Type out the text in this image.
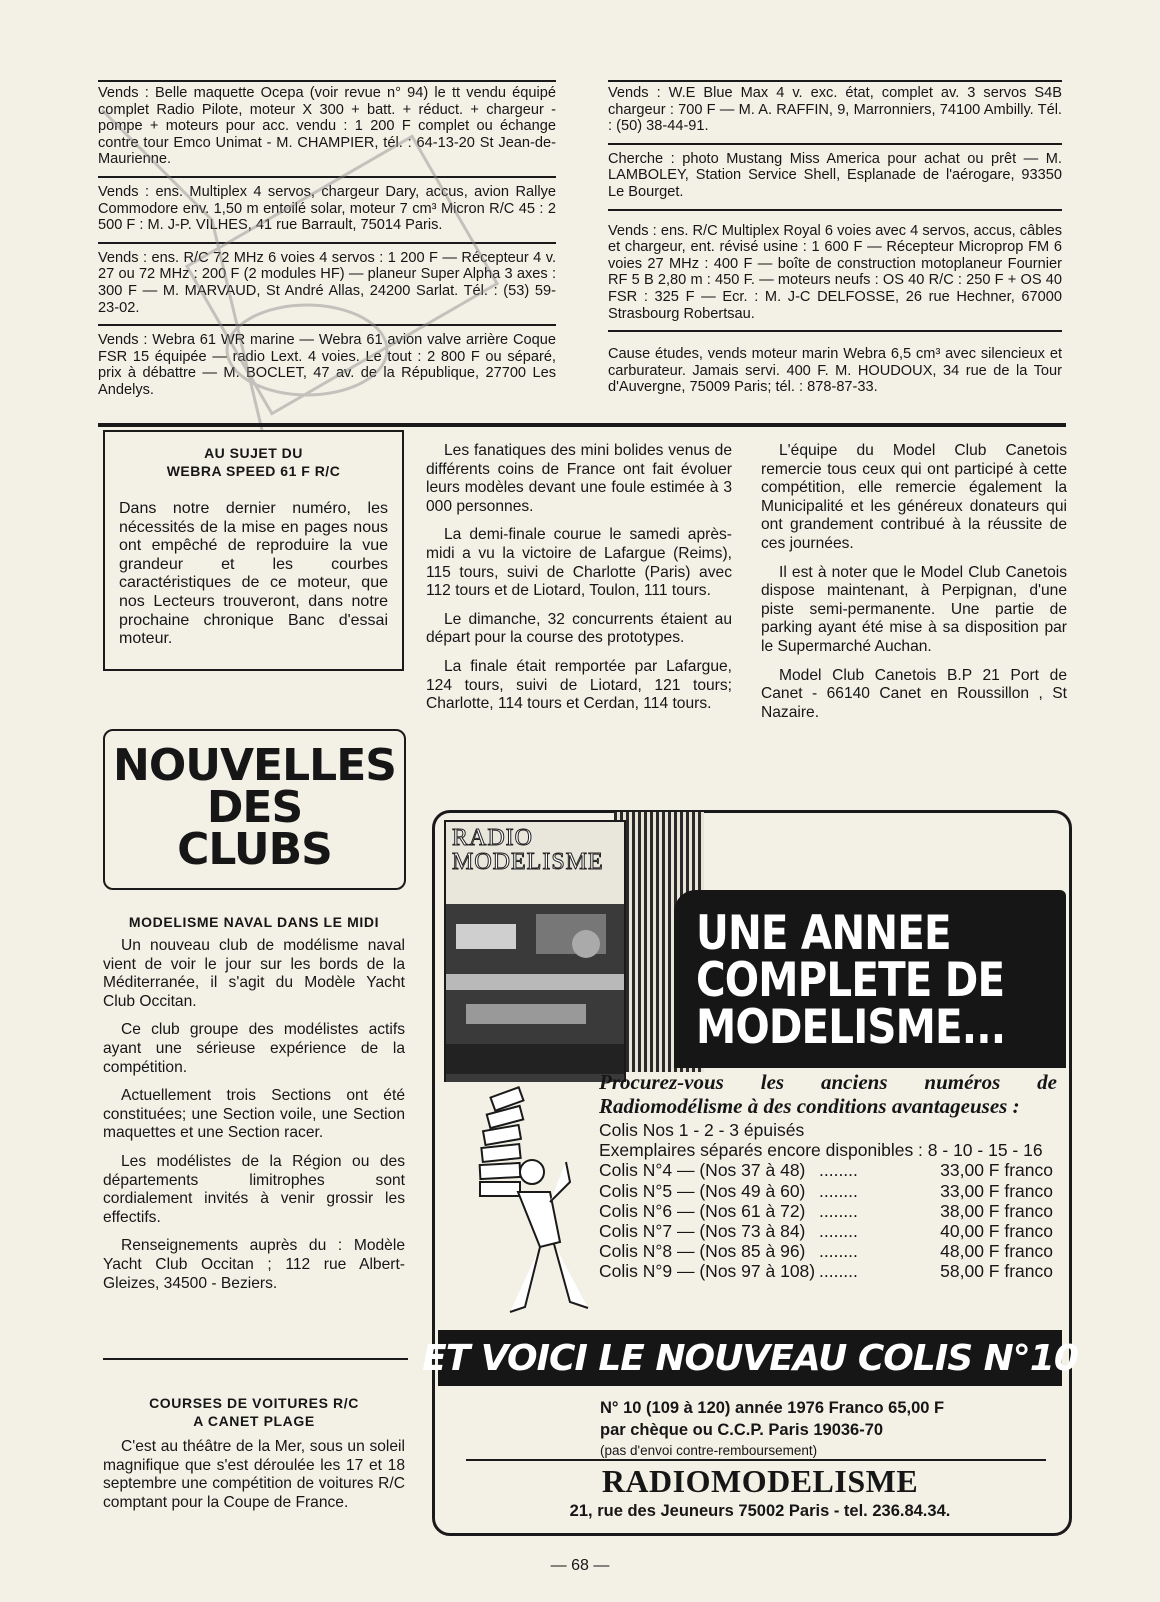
Vends : Belle maquette Ocepa (voir revue n° 94) le tt vendu équipé complet Radio Pilote, moteur X 300 + batt. + réduct. + chargeur - pompe + moteurs pour acc. vendu : 1 200 F complet ou échange contre tour Emco Unimat - M. CHAMPIER, tél. : 64-13-20 St Jean-de-Maurienne.

Vends : ens. Multiplex 4 servos, chargeur Dary, accus, avion Rallye Commodore env. 1,50 m entoilé solar, moteur 7 cm³ Micron R/C 45 : 2 500 F : M. J-P. VILHES, 41 rue Barrault, 75014 Paris.

Vends : ens. R/C 72 MHz 6 voies 4 servos : 1 200 F — Récepteur 4 v. 27 ou 72 MHz : 200 F (2 modules HF) — planeur Super Alpha 3 axes : 300 F — M. MARVAUD, St André Allas, 24200 Sarlat. Tél. : (53) 59-23-02.

Vends : Webra 61 WR marine — Webra 61 avion valve arrière Coque FSR 15 équipée — radio Lext. 4 voies. Le tout : 2 800 F ou séparé, prix à débattre — M. BOCLET, 47 av. de la République, 27700 Les Andelys.

Vends : W.E Blue Max 4 v. exc. état, complet av. 3 servos S4B chargeur : 700 F — M. A. RAFFIN, 9, Marronniers, 74100 Ambilly. Tél. : (50) 38-44-91.

Cherche : photo Mustang Miss America pour achat ou prêt — M. LAMBOLEY, Station Service Shell, Esplanade de l'aérogare, 93350 Le Bourget.

Vends : ens. R/C Multiplex Royal 6 voies avec 4 servos, accus, câbles et chargeur, ent. révisé usine : 1 600 F — Récepteur Microprop FM 6 voies 27 MHz : 400 F — boîte de construction motoplaneur Fournier RF 5 B 2,80 m : 450 F. — moteurs neufs : OS 40 R/C : 250 F + OS 40 FSR : 325 F — Ecr. : M. J-C DELFOSSE, 26 rue Hechner, 67000 Strasbourg Robertsau.

Cause études, vends moteur marin Webra 6,5 cm³ avec silencieux et carburateur. Jamais servi. 400 F. M. HOUDOUX, 34 rue de la Tour d'Auvergne, 75009 Paris; tél. : 878-87-33.

AU SUJET DU
WEBRA SPEED 61 F R/C

Dans notre dernier numéro, les nécessités de la mise en pages nous ont empêché de reproduire la vue grandeur et les courbes caractéristiques de ce moteur, que nos Lecteurs trouveront, dans notre prochaine chronique Banc d'essai moteur.

NOUVELLES

DES

CLUBS

MODELISME NAVAL DANS LE MIDI

Un nouveau club de modélisme naval vient de voir le jour sur les bords de la Méditerranée, il s'agit du Modèle Yacht Club Occitan.

Ce club groupe des modélistes actifs ayant une sérieuse expérience de la compétition.

Actuellement trois Sections ont été constituées; une Section voile, une Section maquettes et une Section racer.

Les modélistes de la Région ou des départements limitrophes sont cordialement invités à venir grossir les effectifs.

Renseignements auprès du : Modèle Yacht Club Occitan ; 112 rue Albert-Gleizes, 34500 - Beziers.

COURSES DE VOITURES R/C
A CANET PLAGE

C'est au théâtre de la Mer, sous un soleil magnifique que s'est déroulée les 17 et 18 septembre une compétition de voitures R/C comptant pour la Coupe de France.

Les fanatiques des mini bolides venus de différents coins de France ont fait évoluer leurs modèles devant une foule estimée à 3 000 personnes.

La demi-finale courue le samedi après-midi a vu la victoire de Lafargue (Reims), 115 tours, suivi de Charlotte (Paris) avec 112 tours et de Liotard, Toulon, 111 tours.

Le dimanche, 32 concurrents étaient au départ pour la course des prototypes.

La finale était remportée par Lafargue, 124 tours, suivi de Liotard, 121 tours; Charlotte, 114 tours et Cerdan, 114 tours.

L'équipe du Model Club Canetois remercie tous ceux qui ont participé à cette compétition, elle remercie également la Municipalité et les généreux donateurs qui ont grandement contribué à la réussite de ces journées.

Il est à noter que le Model Club Canetois dispose maintenant, à Perpignan, d'une piste semi-permanente. Une partie de parking ayant été mise à sa disposition par le Supermarché Auchan.

Model Club Canetois B.P 21 Port de Canet - 66140 Canet en Roussillon , St Nazaire.

RADIO
MODELISME

UNE ANNEE

COMPLETE DE

MODELISME...

Procurez-vous les anciens numéros de Radiomodélisme à des conditions avantageuses :

Colis Nos 1 - 2 - 3 épuisés
Exemplaires séparés encore disponibles : 8 - 10 - 15 - 16
Colis N°4 — (Nos 37 à 48) ........	33,00 F franco
Colis N°5 — (Nos 49 à 60) ........	33,00 F franco
Colis N°6 — (Nos 61 à 72) ........	38,00 F franco
Colis N°7 — (Nos 73 à 84) ........	40,00 F franco
Colis N°8 — (Nos 85 à 96) ........	48,00 F franco
Colis N°9 — (Nos 97 à 108) ........	58,00 F franco
ET VOICI LE NOUVEAU COLIS N°10
N° 10 (109 à 120) année 1976 Franco 65,00 F
par chèque ou C.C.P. Paris 19036-70
(pas d'envoi contre-remboursement)
RADIOMODELISME
21, rue des Jeuneurs 75002 Paris - tel. 236.84.34.
— 68 —
